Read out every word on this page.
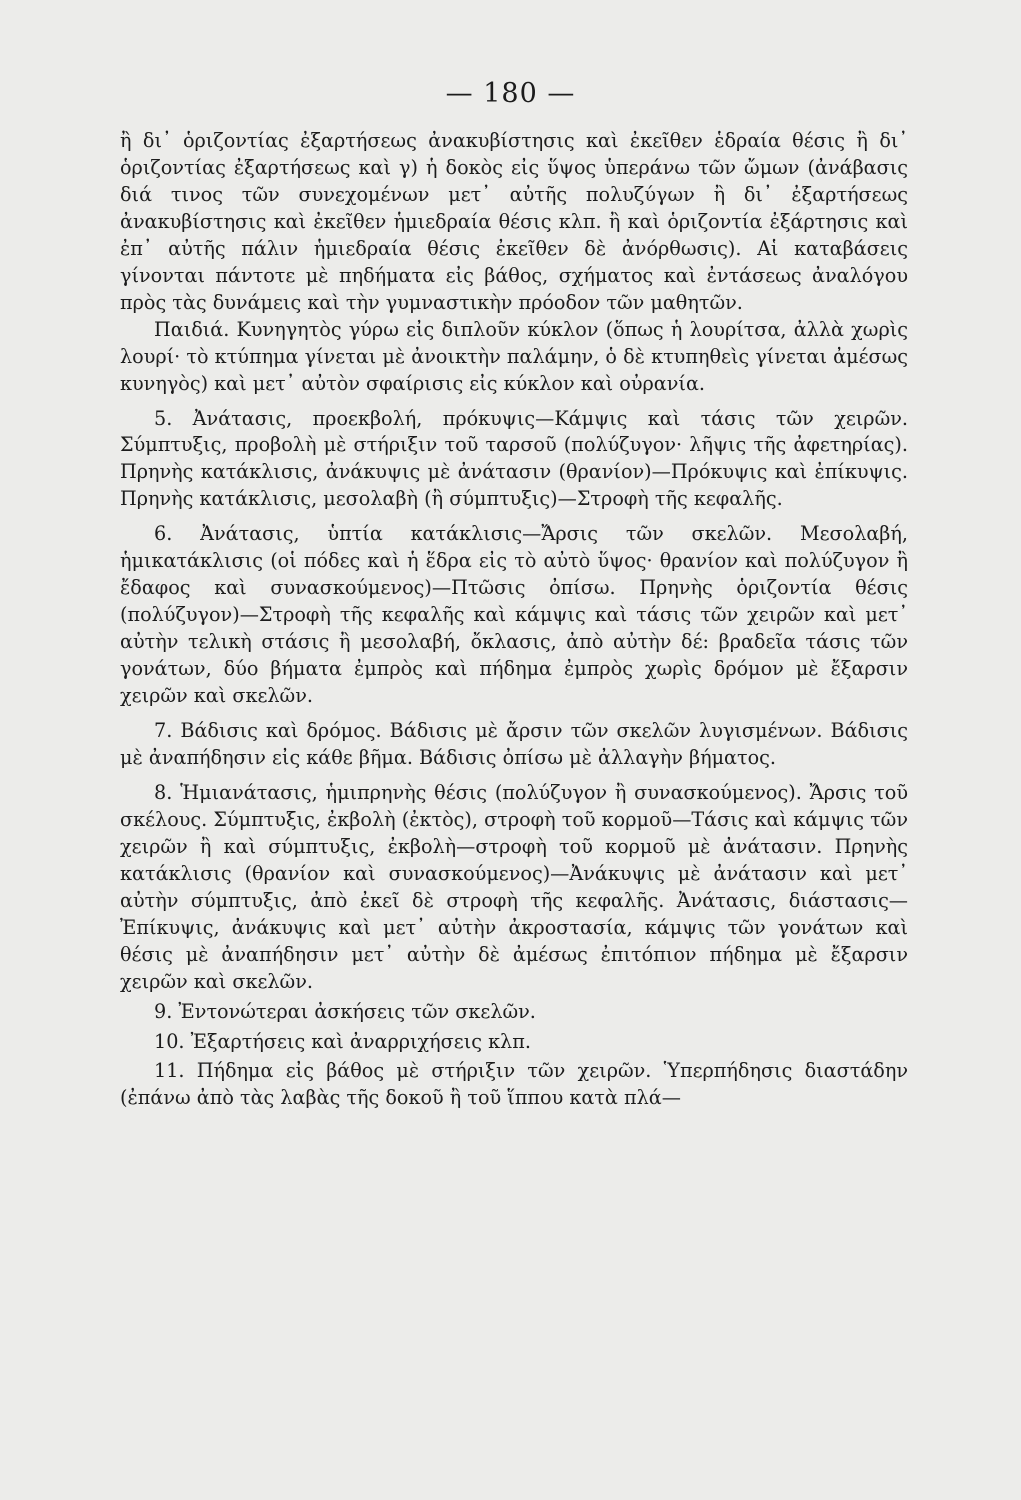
— 180 —

ἢ δι᾽ ὁριζοντίας ἐξαρτήσεως ἀνακυβίστησις καὶ ἐκεῖθεν ἑδραία θέσις ἢ δι᾽ ὁριζοντίας ἐξαρτήσεως καὶ γ) ἡ δοκὸς εἰς ὕψος ὑπεράνω τῶν ὤμων (ἀνάβασις διά τινος τῶν συνεχομένων μετ᾽ αὐτῆς πολυζύγων ἢ δι᾽ ἐξαρτήσεως ἀνακυβίστησις καὶ ἐκεῖθεν ἡμιεδραία θέσις κλπ. ἢ καὶ ὁριζοντία ἐξάρτησις καὶ ἐπ᾽ αὐτῆς πάλιν ἡμιεδραία θέσις ἐκεῖθεν δὲ ἀνόρθωσις). Αἱ καταβάσεις γίνονται πάντοτε μὲ πηδήματα εἰς βάθος, σχήματος καὶ ἐντάσεως ἀναλόγου πρὸς τὰς δυνάμεις καὶ τὴν γυμναστικὴν πρόοδον τῶν μαθητῶν.

Παιδιά. Κυνηγητὸς γύρω εἰς διπλοῦν κύκλον (ὅπως ἡ λουρίτσα, ἀλλὰ χωρὶς λουρί· τὸ κτύπημα γίνεται μὲ ἀνοικτὴν παλάμην, ὁ δὲ κτυπηθεὶς γίνεται ἀμέσως κυνηγὸς) καὶ μετ᾽ αὐτὸν σφαίρισις εἰς κύκλον καὶ οὐρανία.

5. Ἀνάτασις, προεκβολή, πρόκυψις—Κάμψις καὶ τάσις τῶν χειρῶν. Σύμπτυξις, προβολὴ μὲ στήριξιν τοῦ ταρσοῦ (πολύζυγον· λῆψις τῆς ἀφετηρίας). Πρηνὴς κατάκλισις, ἀνάκυψις μὲ ἀνάτασιν (θρανίον)—Πρόκυψις καὶ ἐπίκυψις. Πρηνὴς κατάκλισις, μεσολαβὴ (ἢ σύμπτυξις)—Στροφὴ τῆς κεφαλῆς.

6. Ἀνάτασις, ὑπτία κατάκλισις—Ἄρσις τῶν σκελῶν. Μεσολαβή, ἡμικατάκλισις (οἱ πόδες καὶ ἡ ἕδρα εἰς τὸ αὐτὸ ὕψος· θρανίον καὶ πολύζυγον ἢ ἔδαφος καὶ συνασκούμενος)—Πτῶσις ὀπίσω. Πρηνὴς ὁριζοντία θέσις (πολύζυγον)—Στροφὴ τῆς κεφαλῆς καὶ κάμψις καὶ τάσις τῶν χειρῶν καὶ μετ᾽ αὐτὴν τελικὴ στάσις ἢ μεσολαβή, ὄκλασις, ἀπὸ αὐτὴν δέ: βραδεῖα τάσις τῶν γονάτων, δύο βήματα ἐμπρὸς καὶ πήδημα ἐμπρὸς χωρὶς δρόμον μὲ ἔξαρσιν χειρῶν καὶ σκελῶν.

7. Βάδισις καὶ δρόμος. Βάδισις μὲ ἄρσιν τῶν σκελῶν λυγισμένων. Βάδισις μὲ ἀναπήδησιν εἰς κάθε βῆμα. Βάδισις ὀπίσω μὲ ἀλλαγὴν βήματος.

8. Ἡμιανάτασις, ἡμιπρηνὴς θέσις (πολύζυγον ἢ συνασκούμενος). Ἄρσις τοῦ σκέλους. Σύμπτυξις, ἐκβολὴ (ἐκτὸς), στροφὴ τοῦ κορμοῦ—Τάσις καὶ κάμψις τῶν χειρῶν ἢ καὶ σύμπτυξις, ἐκβολὴ—στροφὴ τοῦ κορμοῦ μὲ ἀνάτασιν. Πρηνὴς κατάκλισις (θρανίον καὶ συνασκούμενος)—Ἀνάκυψις μὲ ἀνάτασιν καὶ μετ᾽ αὐτὴν σύμπτυξις, ἀπὸ ἐκεῖ δὲ στροφὴ τῆς κεφαλῆς. Ἀνάτασις, διάστασις—Ἐπίκυψις, ἀνάκυψις καὶ μετ᾽ αὐτὴν ἀκροστασία, κάμψις τῶν γονάτων καὶ θέσις μὲ ἀναπήδησιν μετ᾽ αὐτὴν δὲ ἀμέσως ἐπιτόπιον πήδημα μὲ ἔξαρσιν χειρῶν καὶ σκελῶν.

9. Ἐντονώτεραι ἀσκήσεις τῶν σκελῶν.

10. Ἐξαρτήσεις καὶ ἀναρριχήσεις κλπ.

11. Πήδημα εἰς βάθος μὲ στήριξιν τῶν χειρῶν. Ὑπερπήδησις διαστάδην (ἐπάνω ἀπὸ τὰς λαβὰς τῆς δοκοῦ ἢ τοῦ ἵππου κατὰ πλά—
